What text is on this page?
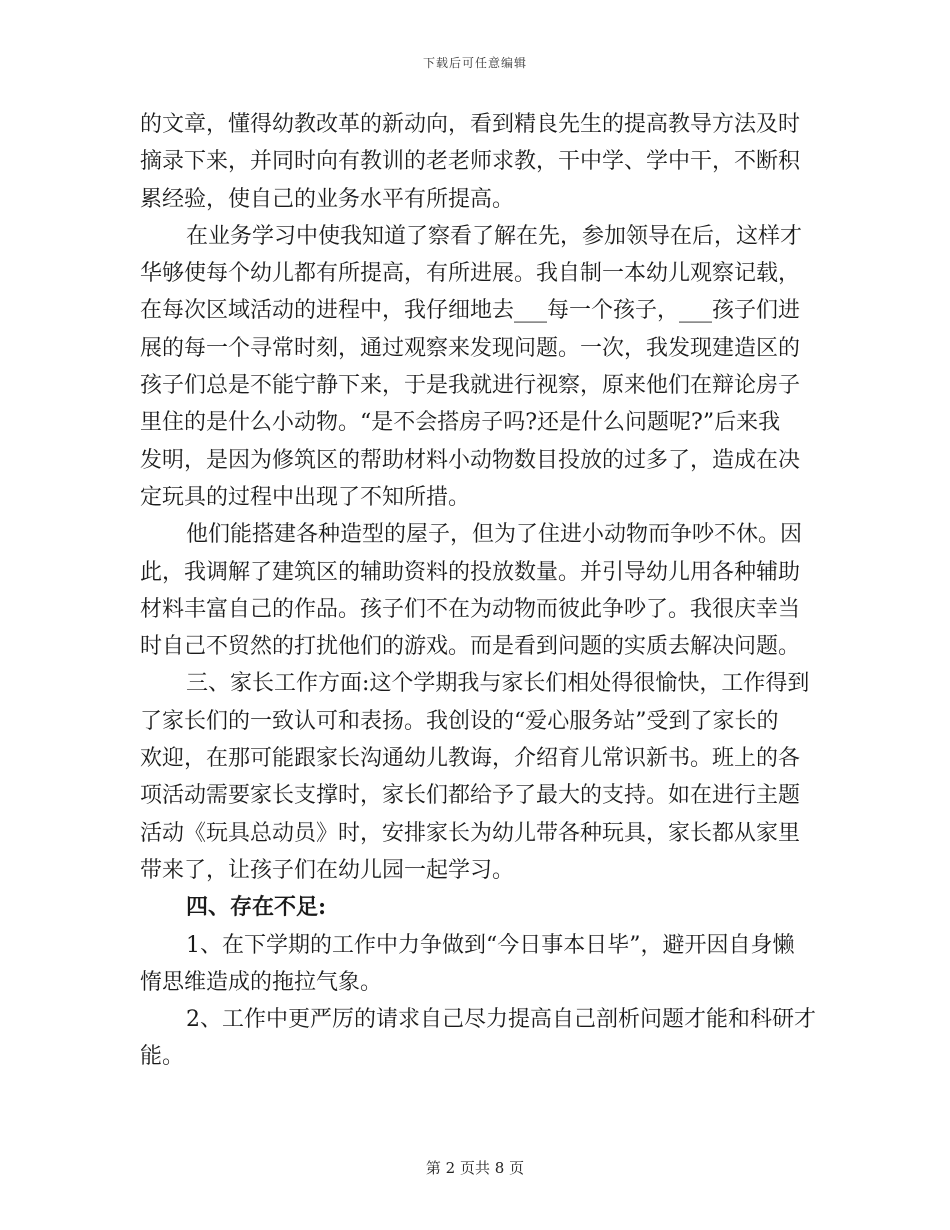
下载后可任意编辑
的文章，懂得幼教改革的新动向，看到精良先生的提高教导方法及时
摘录下来，并同时向有教训的老老师求教，干中学、学中干，不断积
累经验，使自己的业务水平有所提高。
在业务学习中使我知道了察看了解在先，参加领导在后，这样才
华够使每个幼儿都有所提高，有所进展。我自制一本幼儿观察记载，
在每次区域活动的进程中，我仔细地去___每一个孩子，___孩子们进
展的每一个寻常时刻，通过观察来发现问题。一次，我发现建造区的
孩子们总是不能宁静下来，于是我就进行视察，原来他们在辩论房子
里住的是什么小动物。“是不会搭房子吗?还是什么问题呢?”后来我
发明，是因为修筑区的帮助材料小动物数目投放的过多了，造成在决
定玩具的过程中出现了不知所措。
他们能搭建各种造型的屋子，但为了住进小动物而争吵不休。因
此，我调解了建筑区的辅助资料的投放数量。并引导幼儿用各种辅助
材料丰富自己的作品。孩子们不在为动物而彼此争吵了。我很庆幸当
时自己不贸然的打扰他们的游戏。而是看到问题的实质去解决问题。
三、家长工作方面:这个学期我与家长们相处得很愉快，工作得到
了家长们的一致认可和表扬。我创设的“爱心服务站”受到了家长的
欢迎，在那可能跟家长沟通幼儿教诲，介绍育儿常识新书。班上的各
项活动需要家长支撑时，家长们都给予了最大的支持。如在进行主题
活动《玩具总动员》时，安排家长为幼儿带各种玩具，家长都从家里
带来了，让孩子们在幼儿园一起学习。
四、存在不足:
1、在下学期的工作中力争做到“今日事本日毕”，避开因自身懒
惰思维造成的拖拉气象。
2、工作中更严厉的请求自己尽力提高自己剖析问题才能和科研才
能。
第 2 页共 8 页
